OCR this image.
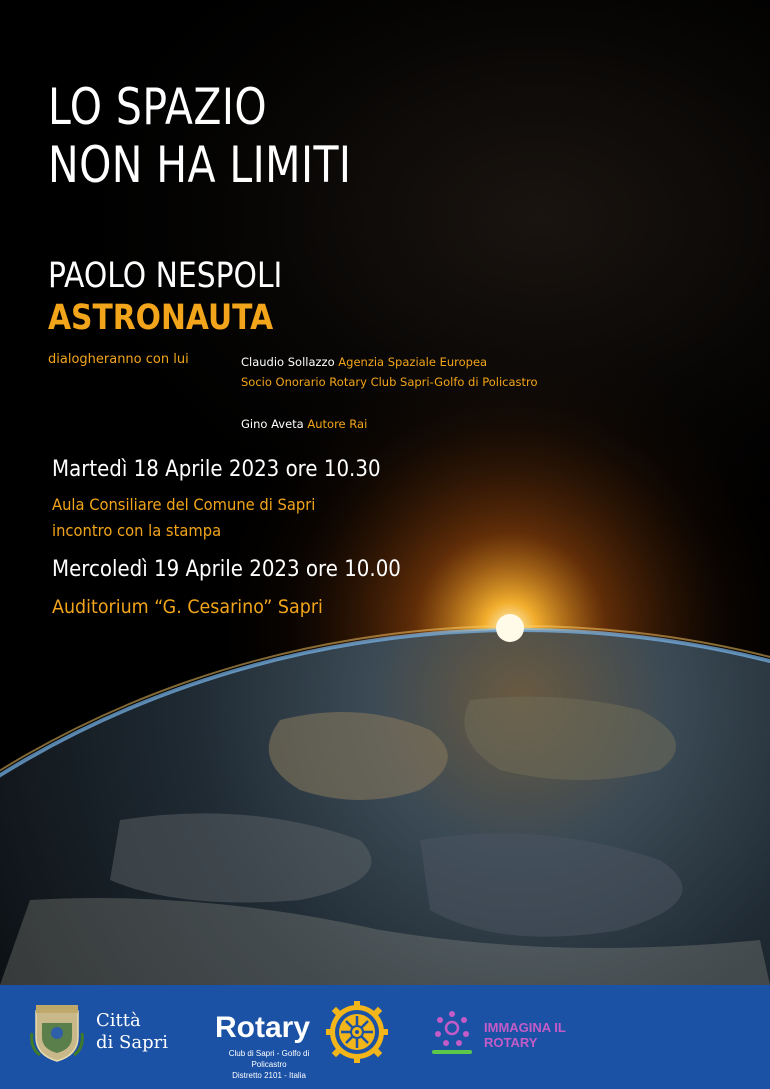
LO SPAZIO
NON HA LIMITI
PAOLO NESPOLI
ASTRONAUTA
dialogheranno con lui	Claudio Sollazzo Agenzia Spaziale Europea
Socio Onorario Rotary Club Sapri-Golfo di Policastro
Gino Aveta Autore Rai
Martedì 18 Aprile 2023 ore 10.30
Aula Consiliare del Comune di Sapri
incontro con la stampa
Mercoledì 19 Aprile 2023 ore 10.00
Auditorium “G. Cesarino” Sapri
Città
di Sapri Rotary
Club di Sapri - Golfo di Policastro
Distretto 2101 - Italia
IMMAGINA IL
ROTARY
